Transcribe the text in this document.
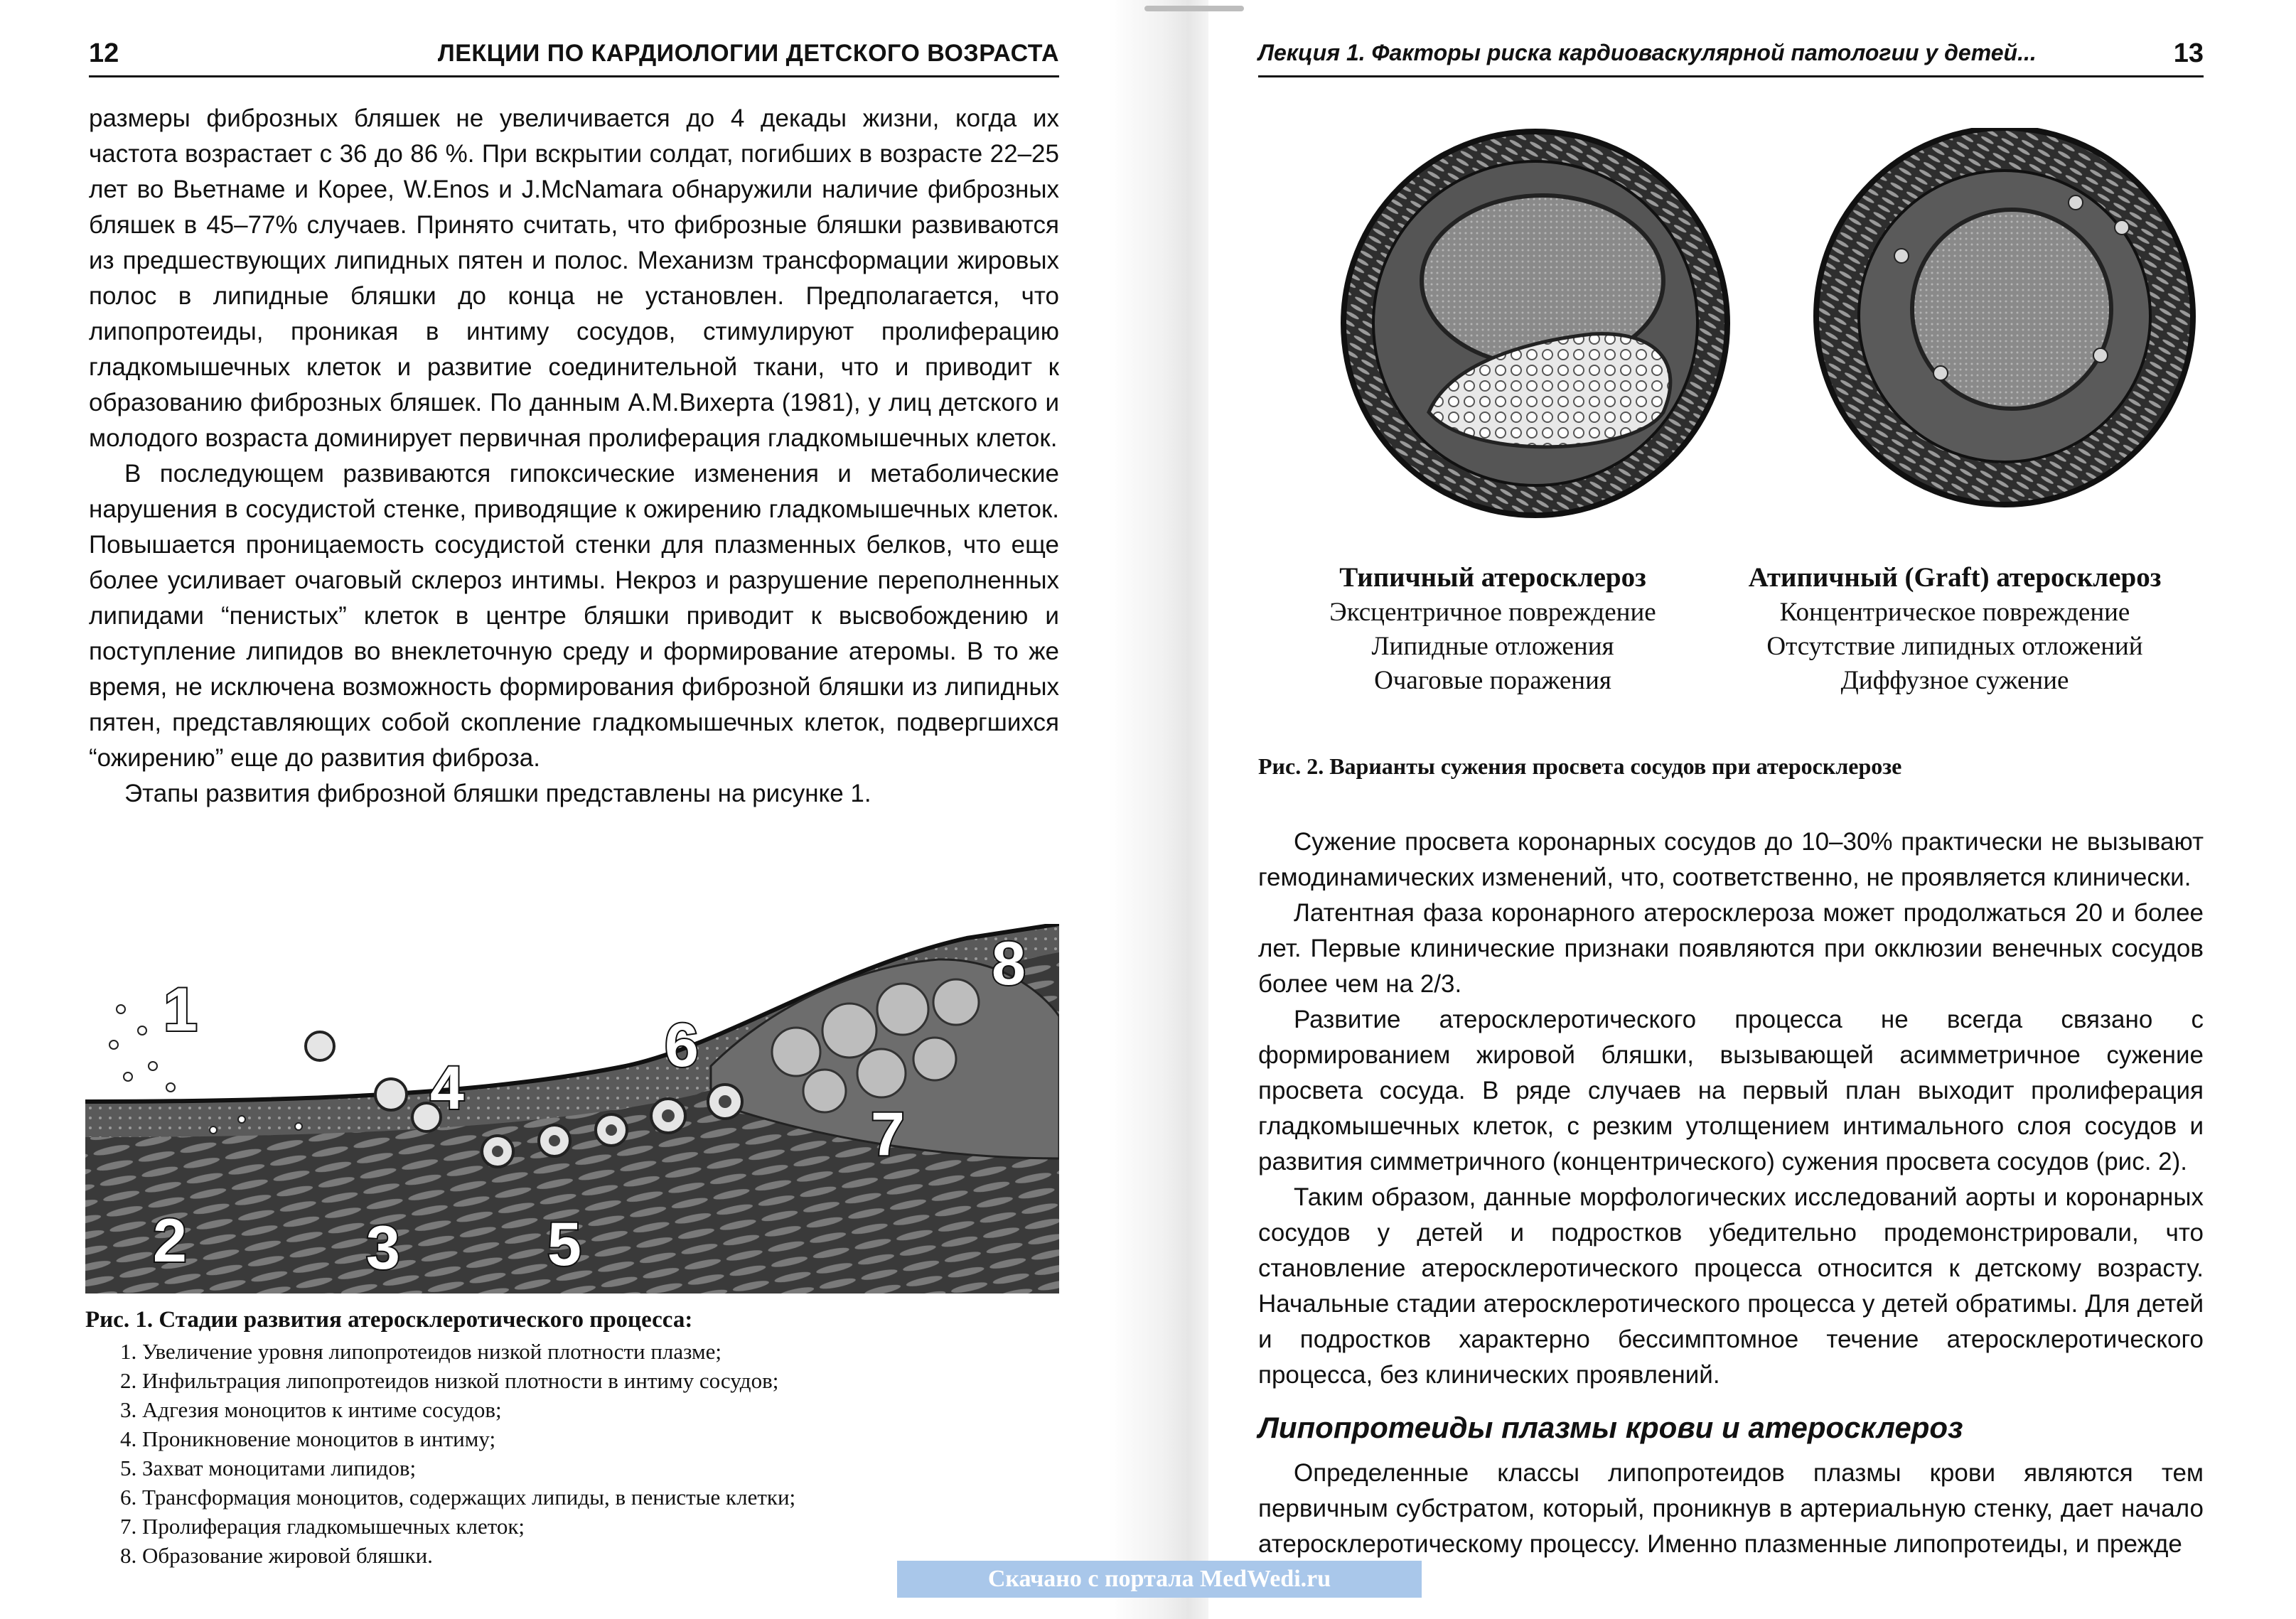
12	ЛЕКЦИИ ПО КАРДИОЛОГИИ ДЕТСКОГО ВОЗРАСТА

размеры фиброзных бляшек не увеличивается до 4 декады жизни, когда их частота возрастает с 36 до 86 %. При вскрытии солдат, погибших в возрасте 22–25 лет во Вьетнаме и Корее, W.Enos и J.McNamara обнаружили наличие фиброзных бляшек в 45–77% случаев. Принято считать, что фиброзные бляшки развиваются из предшествующих липидных пятен и полос. Механизм трансформации жировых полос в липидные бляшки до конца не установлен. Предполагается, что липопротеиды, проникая в интиму сосудов, стимулируют пролиферацию гладкомышечных клеток и развитие соединительной ткани, что и приводит к образованию фиброзных бляшек. По данным А.М.Вихерта (1981), у лиц детского и молодого возраста доминирует первичная пролиферация гладкомышечных клеток.

В последующем развиваются гипоксические изменения и метаболические нарушения в сосудистой стенке, приводящие к ожирению гладкомышечных клеток. Повышается проницаемость сосудистой стенки для плазменных белков, что еще более усиливает очаговый склероз интимы. Некроз и разрушение переполненных липидами “пенистых” клеток в центре бляшки приводит к высвобождению и поступление липидов во внеклеточную среду и формирование атеромы. В то же время, не исключена возможность формирования фиброзной бляшки из липидных пятен, представляющих собой скопление гладкомышечных клеток, подвергшихся “ожирению” еще до развития фиброза.

Этапы развития фиброзной бляшки представлены на рисунке 1.

1
2	3
4
5
6
7
8

Рис. 1. Стадии развития атеросклеротического процесса:

1. Увеличение уровня липопротеидов низкой плотности плазме;
2. Инфильтрация липопротеидов низкой плотности в интиму сосудов;
3. Адгезия моноцитов к интиме сосудов;
4. Проникновение моноцитов в интиму;
5. Захват моноцитами липидов;
6. Трансформация моноцитов, содержащих липиды, в пенистые клетки;
7. Пролиферация гладкомышечных клеток;
8. Образование жировой бляшки.
Лекция 1. Факторы риска кардиоваскулярной патологии у детей...	13

Типичный атеросклероз

Эксцентричное повреждение

Липидные отложения

Очаговые поражения

Атипичный (Graft) атеросклероз

Концентрическое повреждение

Отсутствие липидных отложений

Диффузное сужение

Рис. 2. Варианты сужения просвета сосудов при атеросклерозе

Сужение просвета коронарных сосудов до 10–30% практически не вызывают гемодинамических изменений, что, соответственно, не проявляется клинически.

Латентная фаза коронарного атеросклероза может продолжаться 20 и более лет. Первые клинические признаки появляются при окклюзии венечных сосудов более чем на 2/3.

Развитие атеросклеротического процесса не всегда связано с формированием жировой бляшки, вызывающей асимметричное сужение просвета сосуда. В ряде случаев на первый план выходит пролиферация гладкомышечных клеток, с резким утолщением интимального слоя сосудов и развития симметричного (концентрического) сужения просвета сосудов (рис. 2).

Таким образом, данные морфологических исследований аорты и коронарных сосудов у детей и подростков убедительно продемонстрировали, что становление атеросклеротического процесса относится к детскому возрасту. Начальные стадии атеросклеротического процесса у детей обратимы. Для детей и подростков характерно бессимптомное течение атеросклеротического процесса, без клинических проявлений.

Липопротеиды плазмы крови и атеросклероз

Определенные классы липопротеидов плазмы крови являются тем первичным субстратом, который, проникнув в артериальную стенку, дает начало атеросклеротическому процессу. Именно плазменные липопротеиды, и прежде

Скачано с портала MedWedi.ru
